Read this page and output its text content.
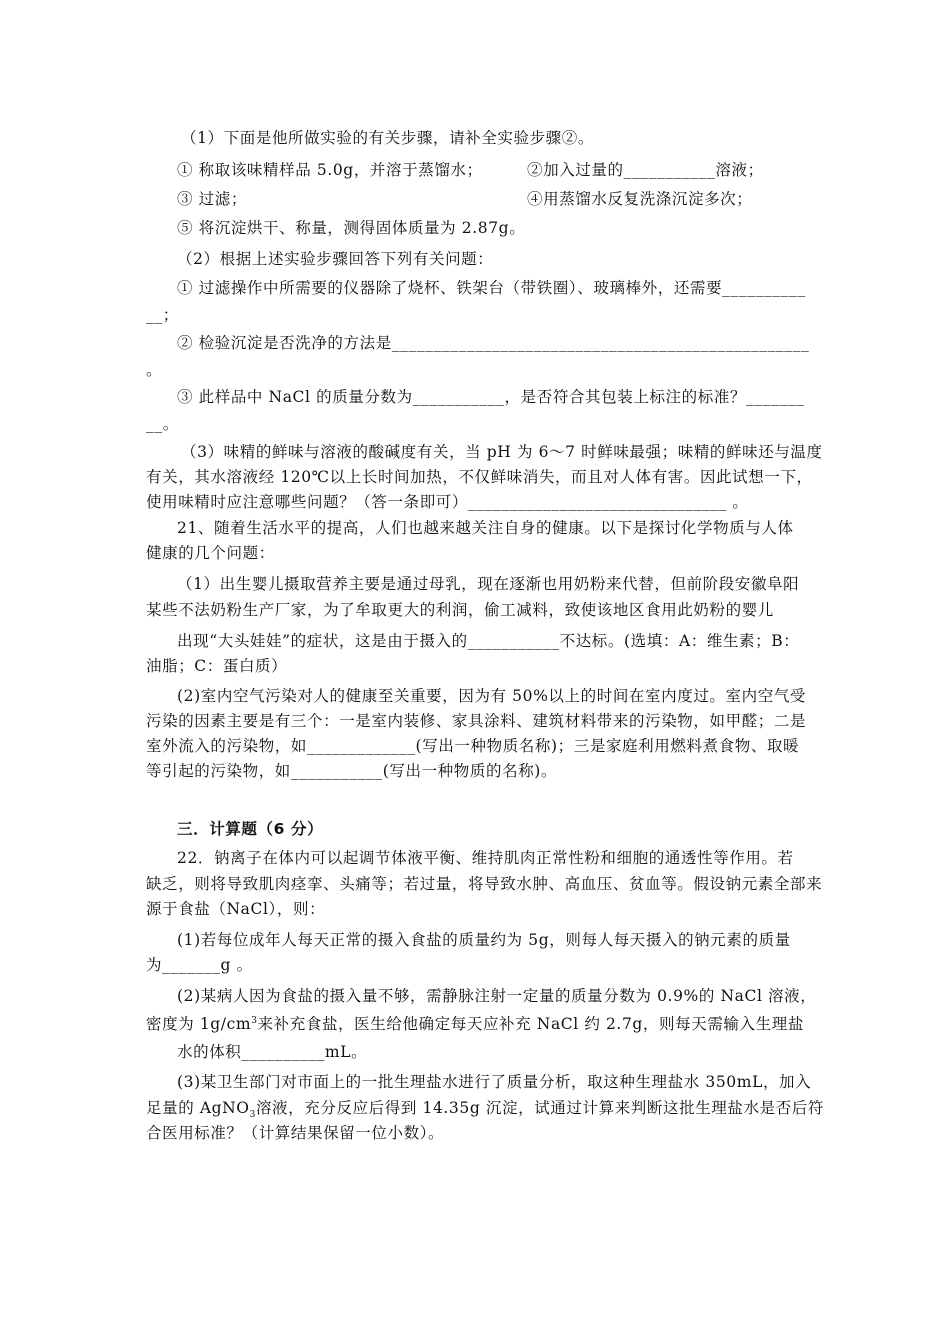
（1）下面是他所做实验的有关步骤，请补全实验步骤②。
① 称取该味精样品 5.0g，并溶于蒸馏水；	②加入过量的___________溶液；
③ 过滤；	④用蒸馏水反复洗涤沉淀多次；
⑤ 将沉淀烘干、称量，测得固体质量为 2.87g。
（2）根据上述实验步骤回答下列有关问题：
① 过滤操作中所需要的仪器除了烧杯、铁架台（带铁圈）、玻璃棒外，还需要__________
__；
② 检验沉淀是否洗净的方法是__________________________________________________
。
③ 此样品中 NaCl 的质量分数为___________，是否符合其包装上标注的标准？_______
__。
（3）味精的鲜味与溶液的酸碱度有关，当 pH 为 6～7 时鲜味最强；味精的鲜味还与温度
有关，其水溶液经 120℃以上长时间加热，不仅鲜味消失，而且对人体有害。因此试想一下，
使用味精时应注意哪些问题？（答一条即可）_______________________________ 。
21、随着生活水平的提高，人们也越来越关注自身的健康。以下是探讨化学物质与人体
健康的几个问题：
（1）出生婴儿摄取营养主要是通过母乳，现在逐渐也用奶粉来代替，但前阶段安徽阜阳
某些不法奶粉生产厂家，为了牟取更大的利润，偷工减料，致使该地区食用此奶粉的婴儿
出现“大头娃娃”的症状，这是由于摄入的___________不达标。(选填：A：维生素；B：
油脂；C：蛋白质）
(2)室内空气污染对人的健康至关重要，因为有 50%以上的时间在室内度过。室内空气受
污染的因素主要是有三个：一是室内装修、家具涂料、建筑材料带来的污染物，如甲醛；二是
室外流入的污染物，如_____________(写出一种物质名称)；三是家庭利用燃料煮食物、取暖
等引起的污染物，如___________(写出一种物质的名称)。
三．计算题（6 分）
22．钠离子在体内可以起调节体液平衡、维持肌肉正常性粉和细胞的通透性等作用。若
缺乏，则将导致肌肉痉挛、头痛等；若过量，将导致水肿、高血压、贫血等。假设钠元素全部来
源于食盐（NaCl），则：
(1)若每位成年人每天正常的摄入食盐的质量约为 5g，则每人每天摄入的钠元素的质量
为_______g 。
(2)某病人因为食盐的摄入量不够，需静脉注射一定量的质量分数为 0.9%的 NaCl 溶液，
密度为 $1g/cm^3$来补充食盐，医生给他确定每天应补充 NaCl 约 2.7g，则每天需输入生理盐
水的体积__________mL。
(3)某卫生部门对市面上的一批生理盐水进行了质量分析，取这种生理盐水 350mL，加入
足量的 AgNO$_3$溶液，充分反应后得到 14.35g 沉淀，试通过计算来判断这批生理盐水是否后符
合医用标准？（计算结果保留一位小数）。
